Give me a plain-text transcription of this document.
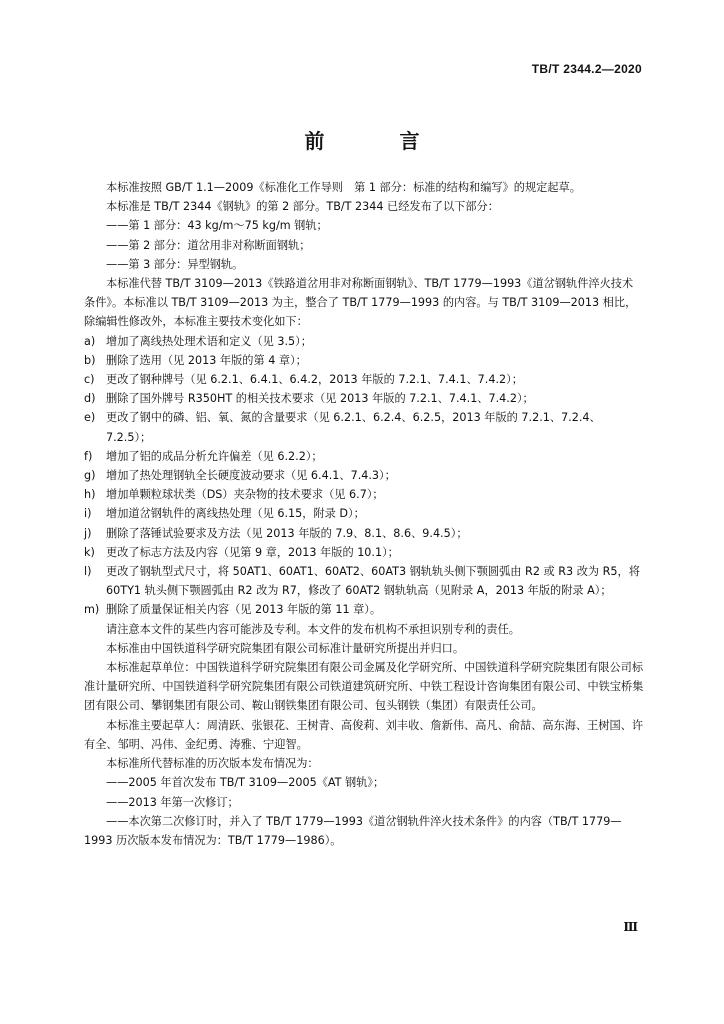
TB/T 2344.2—2020
前 言

本标准按照 GB/T 1.1—2009《标准化工作导则　第 1 部分：标准的结构和编写》的规定起草。

本标准是 TB/T 2344《钢轨》的第 2 部分。TB/T 2344 已经发布了以下部分：

——第 1 部分：43 kg/m～75 kg/m 钢轨；

——第 2 部分：道岔用非对称断面钢轨；

——第 3 部分：异型钢轨。

本标准代替 TB/T 3109—2013《铁路道岔用非对称断面钢轨》、TB/T 1779—1993《道岔钢轨件淬火技术条件》。本标准以 TB/T 3109—2013 为主，整合了 TB/T 1779—1993 的内容。与 TB/T 3109—2013 相比，除编辑性修改外，本标准主要技术变化如下：

a) 增加了离线热处理术语和定义（见 3.5）；
b) 删除了选用（见 2013 年版的第 4 章）；
c)	更改了钢种牌号（见 6.2.1、6.4.1、6.4.2，2013 年版的 7.2.1、7.4.1、7.4.2）；
d) 删除了国外牌号 R350HT 的相关技术要求（见 2013 年版的 7.2.1、7.4.1、7.4.2）；
e) 更改了钢中的磷、铝、氧、氮的含量要求（见 6.2.1、6.2.4、6.2.5，2013 年版的 7.2.1、7.2.4、7.2.5）；
f)	增加了铝的成品分析允许偏差（见 6.2.2）；
g) 增加了热处理钢轨全长硬度波动要求（见 6.4.1、7.4.3）；
h) 增加单颗粒球状类（DS）夹杂物的技术要求（见 6.7）；
i)	增加道岔钢轨件的离线热处理（见 6.15，附录 D）；
j)	删除了落锤试验要求及方法（见 2013 年版的 7.9、8.1、8.6、9.4.5）；
k) 更改了标志方法及内容（见第 9 章，2013 年版的 10.1）；
l)	更改了钢轨型式尺寸，将 50AT1、60AT1、60AT2、60AT3 钢轨轨头侧下颚圆弧由 R2 或 R3 改为 R5，将 60TY1 轨头侧下颚圆弧由 R2 改为 R7，修改了 60AT2 钢轨轨高（见附录 A，2013 年版的附录 A）；
m) 删除了质量保证相关内容（见 2013 年版的第 11 章）。

请注意本文件的某些内容可能涉及专利。本文件的发布机构不承担识别专利的责任。

本标准由中国铁道科学研究院集团有限公司标准计量研究所提出并归口。

本标准起草单位：中国铁道科学研究院集团有限公司金属及化学研究所、中国铁道科学研究院集团有限公司标准计量研究所、中国铁道科学研究院集团有限公司铁道建筑研究所、中铁工程设计咨询集团有限公司、中铁宝桥集团有限公司、攀钢集团有限公司、鞍山钢铁集团有限公司、包头钢铁（集团）有限责任公司。

本标准主要起草人：周清跃、张银花、王树青、高俊莉、刘丰收、詹新伟、高凡、俞喆、高东海、王树国、许有全、邹明、冯伟、金纪勇、涛雅、宁迎智。

本标准所代替标准的历次版本发布情况为：

——2005 年首次发布 TB/T 3109—2005《AT 钢轨》；

——2013 年第一次修订；

——本次第二次修订时，并入了 TB/T 1779—1993《道岔钢轨件淬火技术条件》的内容（TB/T 1779—1993 历次版本发布情况为：TB/T 1779—1986）。

Ⅲ
